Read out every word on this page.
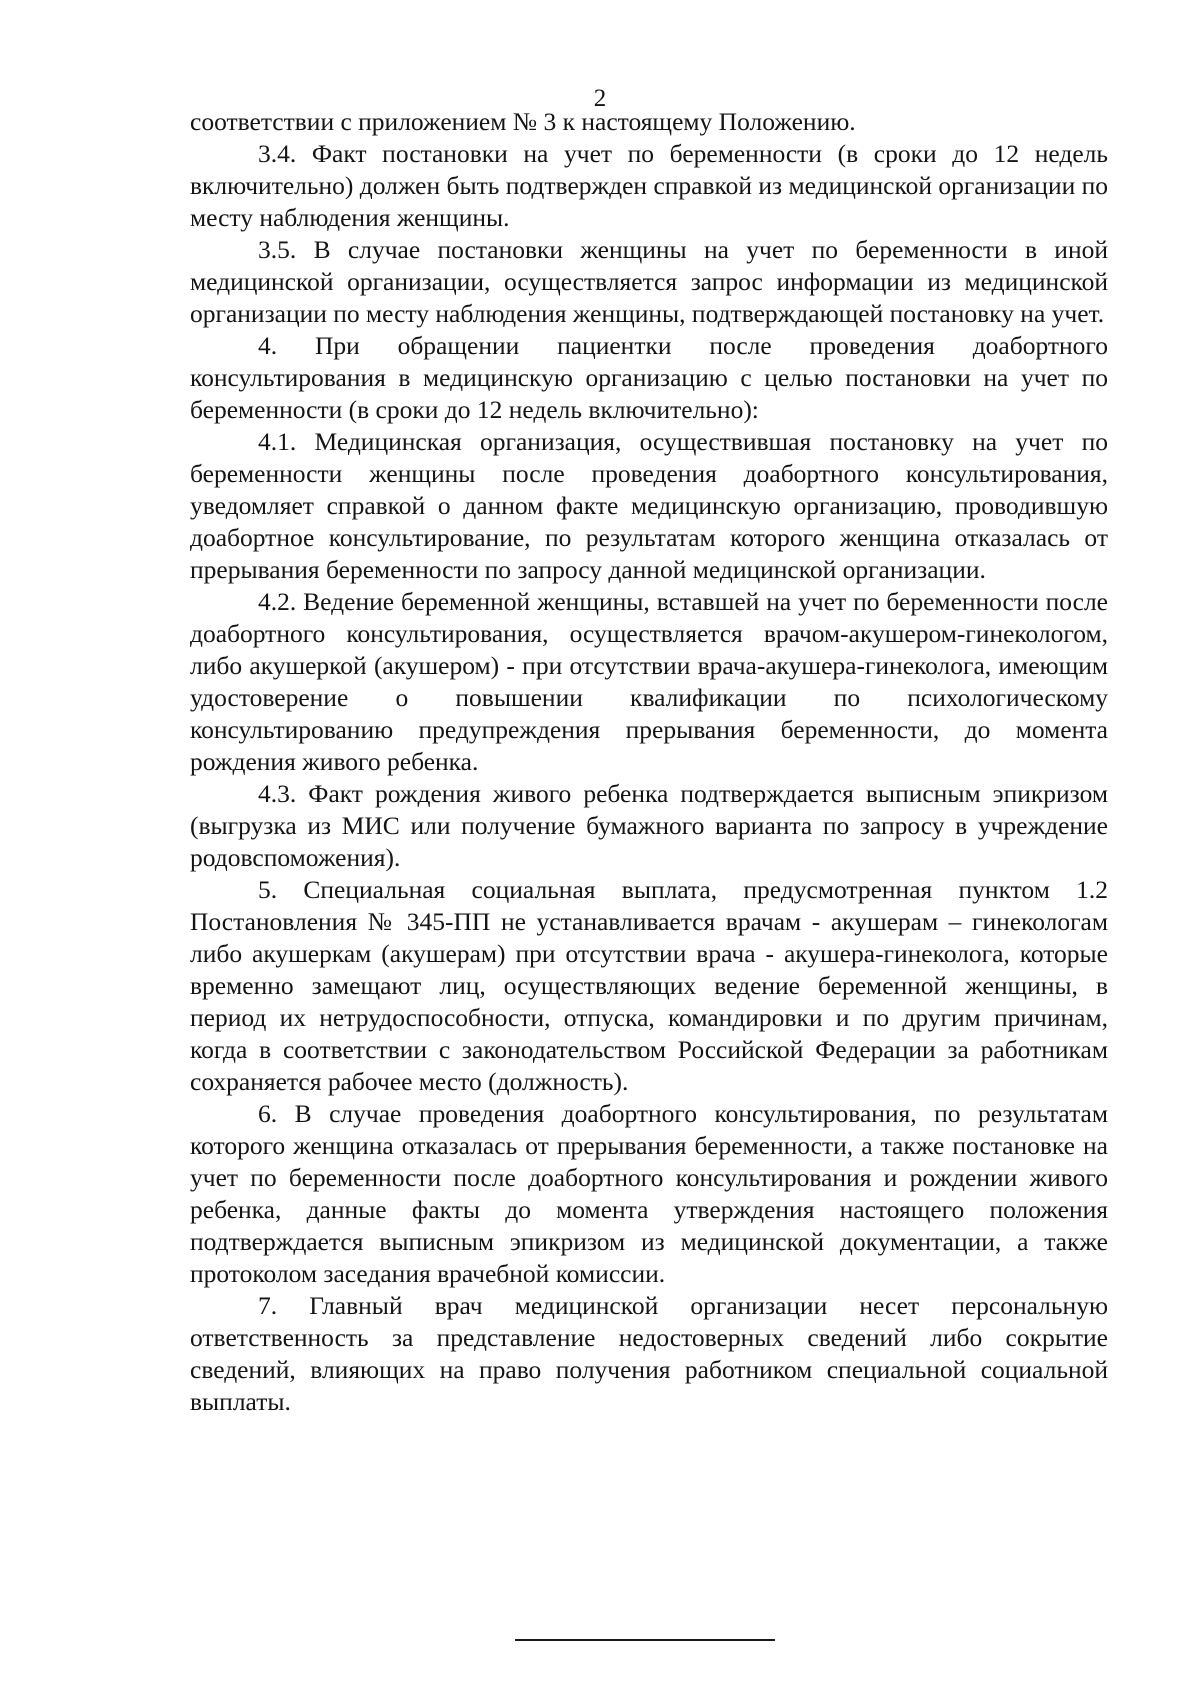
2

соответствии с приложением № 3 к настоящему Положению.

3.4. Факт постановки на учет по беременности (в сроки до 12 недель включительно) должен быть подтвержден справкой из медицинской организации по месту наблюдения женщины.

3.5. В случае постановки женщины на учет по беременности в иной медицинской организации, осуществляется запрос информации из медицинской организации по месту наблюдения женщины, подтверждающей постановку на учет.

4. При обращении пациентки после проведения доабортного консультирования в медицинскую организацию с целью постановки на учет по беременности (в сроки до 12 недель включительно):

4.1. Медицинская организация, осуществившая постановку на учет по беременности женщины после проведения доабортного консультирования, уведомляет справкой о данном факте медицинскую организацию, проводившую доабортное консультирование, по результатам которого женщина отказалась от прерывания беременности по запросу данной медицинской организации.

4.2. Ведение беременной женщины, вставшей на учет по беременности после доабортного консультирования, осуществляется врачом-акушером-гинекологом, либо акушеркой (акушером) - при отсутствии врача-акушера-гинеколога, имеющим удостоверение о повышении квалификации по психологическому консультированию предупреждения прерывания беременности, до момента рождения живого ребенка.

4.3. Факт рождения живого ребенка подтверждается выписным эпикризом (выгрузка из МИС или получение бумажного варианта по запросу в учреждение родовспоможения).

5. Специальная социальная выплата, предусмотренная пунктом 1.2 Постановления № 345-ПП не устанавливается врачам - акушерам – гинекологам либо акушеркам (акушерам) при отсутствии врача - акушера-гинеколога, которые временно замещают лиц, осуществляющих ведение беременной женщины, в период их нетрудоспособности, отпуска, командировки и по другим причинам, когда в соответствии с законодательством Российской Федерации за работникам сохраняется рабочее место (должность).

6. В случае проведения доабортного консультирования, по результатам которого женщина отказалась от прерывания беременности, а также постановке на учет по беременности после доабортного консультирования и рождении живого ребенка, данные факты до момента утверждения настоящего положения подтверждается выписным эпикризом из медицинской документации, а также протоколом заседания врачебной комиссии.

7. Главный врач медицинской организации несет персональную ответственность за представление недостоверных сведений либо сокрытие сведений, влияющих на право получения работником специальной социальной выплаты.
